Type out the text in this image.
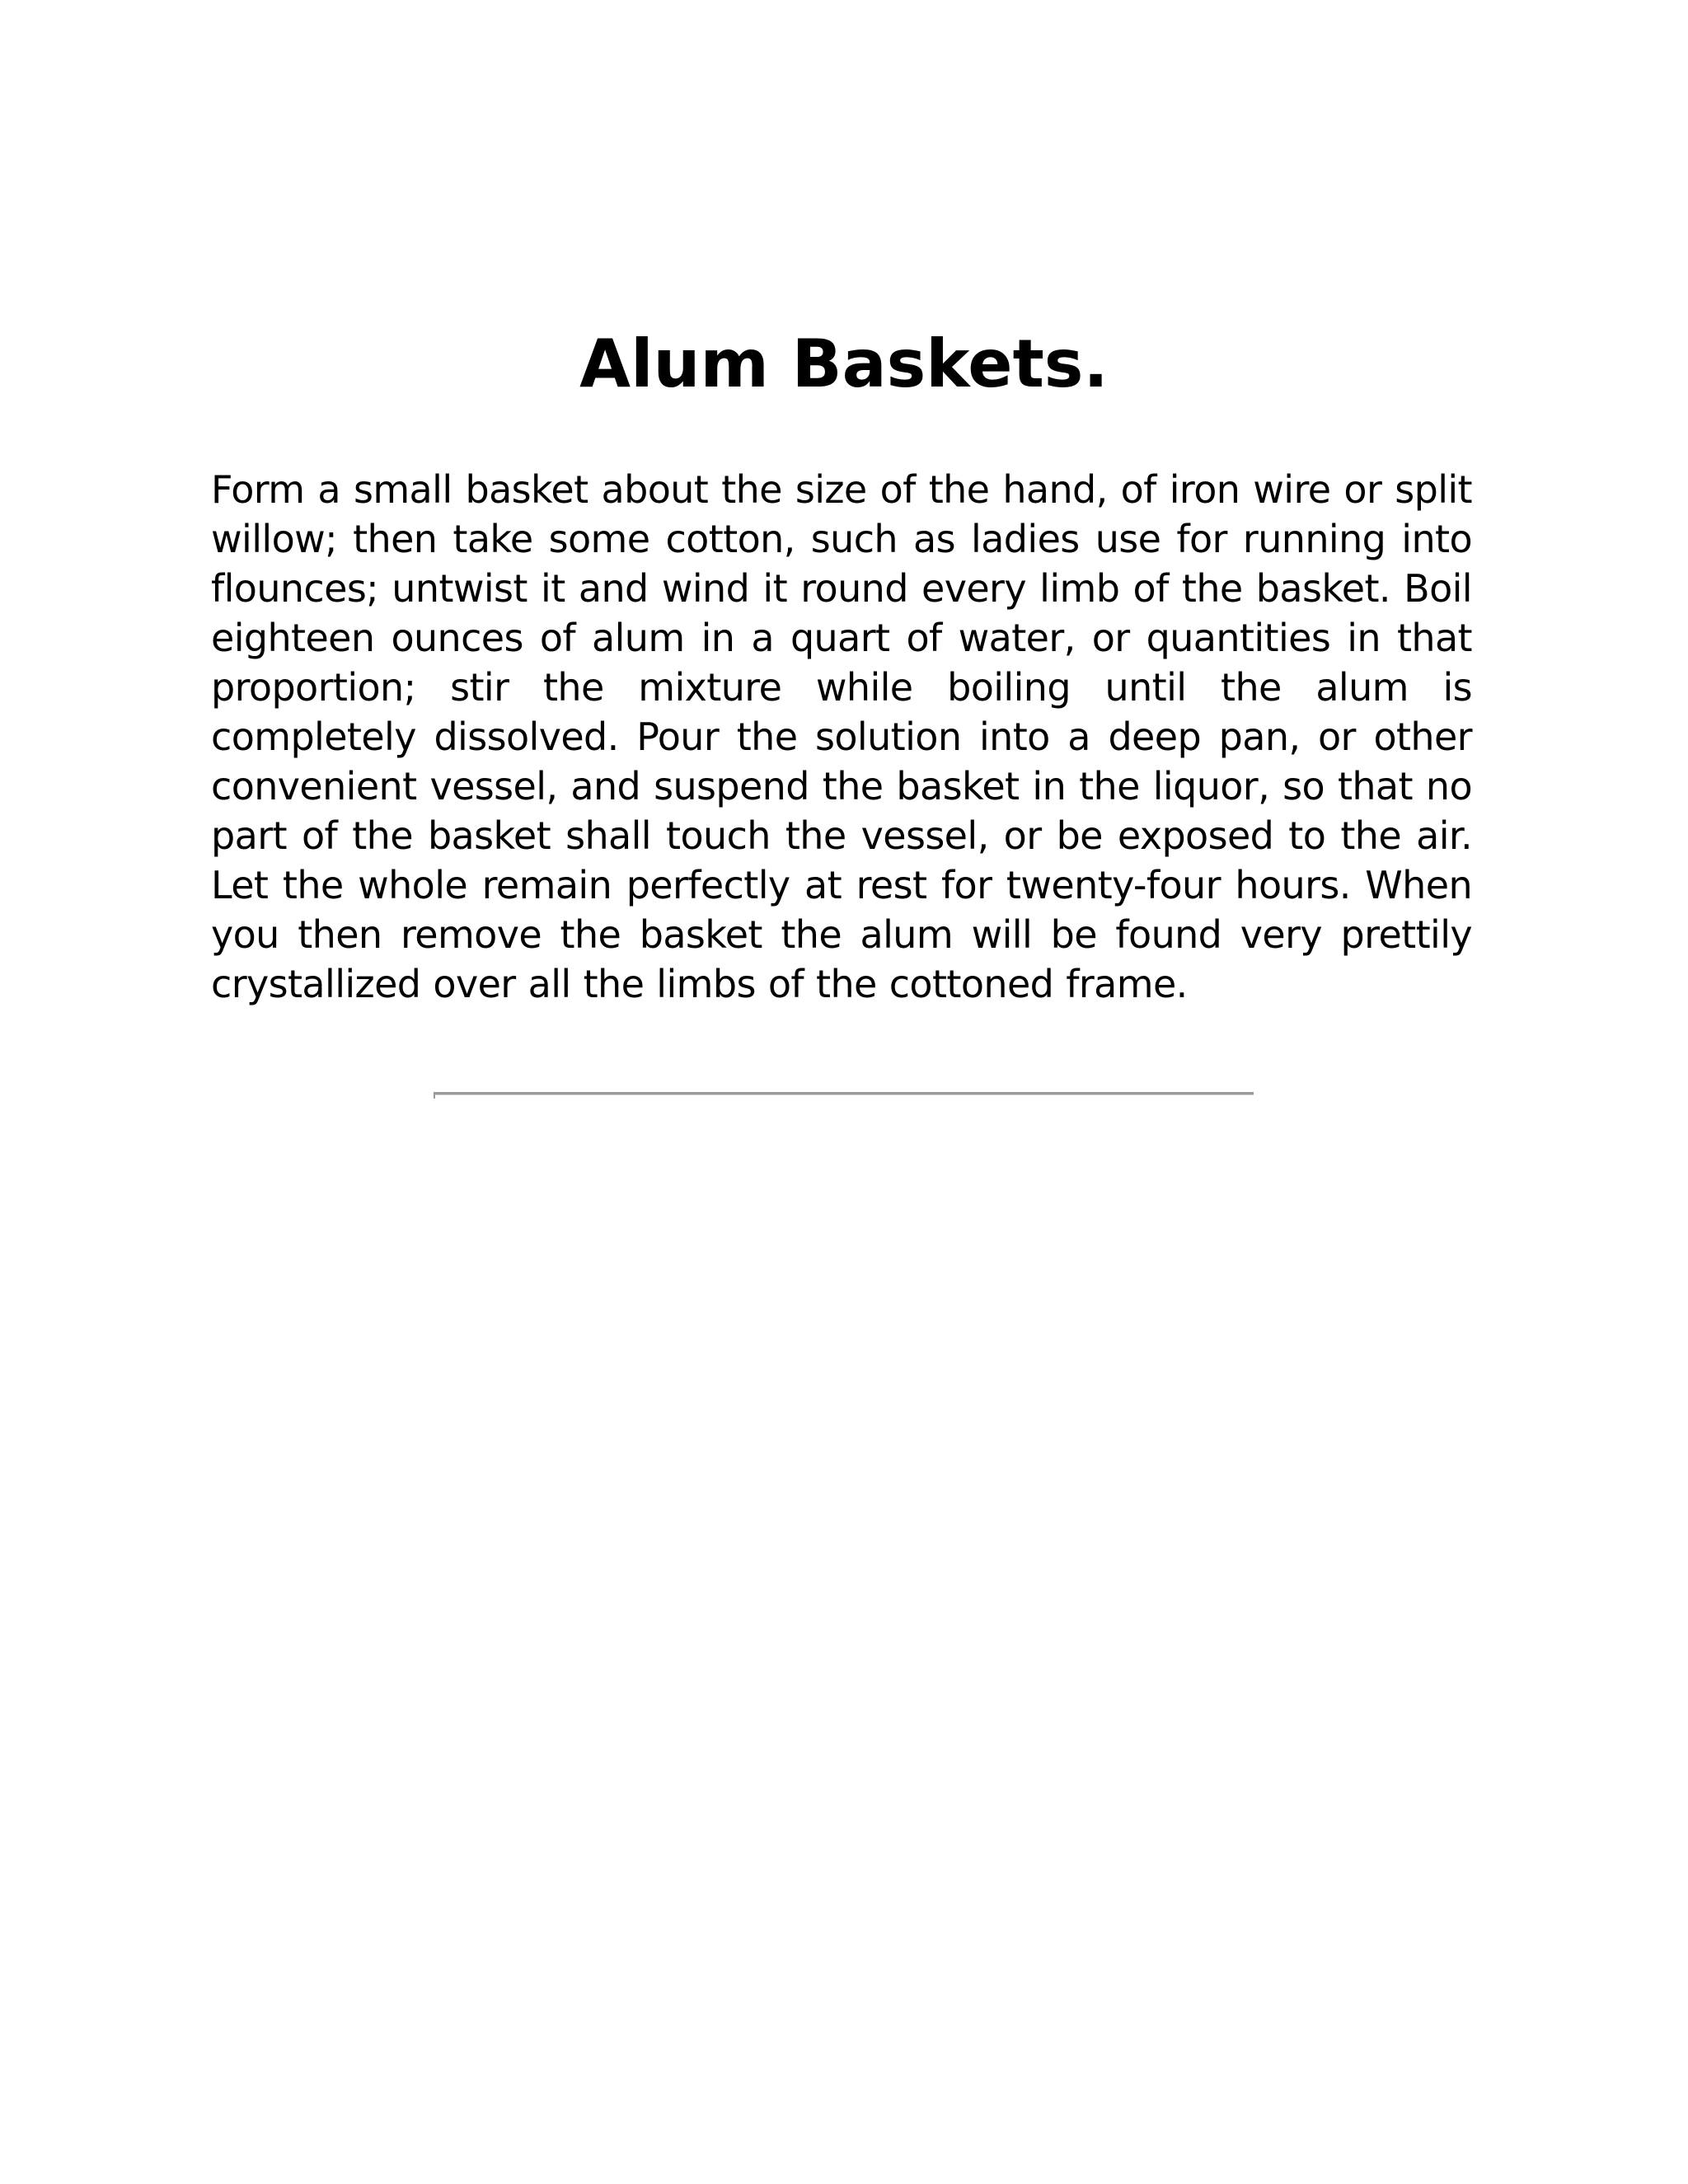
Alum Baskets.

Form a small basket about the size of the hand, of iron wire or split willow; then take some cotton, such as ladies use for running into flounces; untwist it and wind it round every limb of the basket. Boil eighteen ounces of alum in a quart of water, or quantities in that proportion; stir the mixture while boiling until the alum is completely dissolved. Pour the solution into a deep pan, or other convenient vessel, and suspend the basket in the liquor, so that no part of the basket shall touch the vessel, or be exposed to the air. Let the whole remain perfectly at rest for twenty-four hours. When you then remove the basket the alum will be found very prettily crystallized over all the limbs of the cottoned frame.
